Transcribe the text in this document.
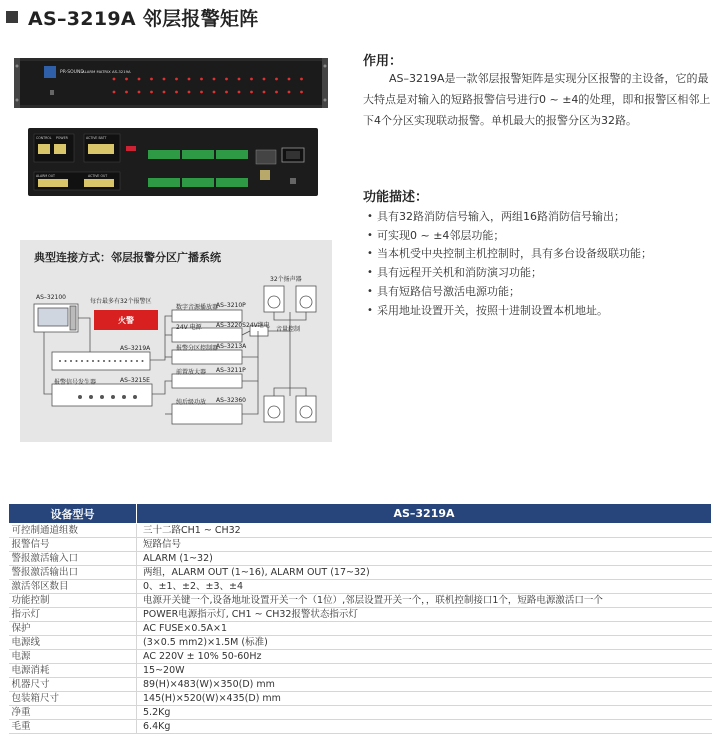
AS–3219A 邻层报警矩阵
PR-SOUND
ALARM MATRIX AS-3219A
CONTROL POWER	ACTIVE BATT
ALARM OUT	ACTIVE OUT
作用：
AS–3219A是一款邻层报警矩阵是实现分区报警的主设备，它的最大特点是对输入的短路报警信号进行0 ~ ±4的处理，即和报警区相邻上下4个分区实现联动报警。单机最大的报警分区为32路。
功能描述：
• 具有32路消防信号输入，两组16路消防信号输出；
• 可实现0 ~ ±4邻层功能；
• 当本机受中央控制主机控制时，具有多台设备级联功能；
• 具有远程开关机和消防演习功能；
• 具有短路信号激活电源功能；
• 采用地址设置开关，按照十进制设置本机地址。
典型连接方式：邻层报警分区广播系统
火警
每台最多有32个报警区
32个扬声器
AS–32100
数字音源播放器
AS–3210P
24V 电源 AS–3220S 24V继电
音量控制
报警分区控制器
AS–3213A
AS–3219A
报警信号发生器	AS–3215E
前置放大器 AS–3211P
纯后级功放 AS–32360
设备型号	AS–3219A
可控制通道组数	三十二路CH1 ~ CH32
报警信号	短路信号
警报激活输入口	ALARM (1~32)
警报激活输出口	两组，ALARM OUT (1~16), ALARM OUT (17~32)
激活邻区数目	0、±1、±2、±3、±4
功能控制	电源开关键一个,设备地址设置开关一个（1位）,邻层设置开关一个，，联机控制接口1个，短路电源激活口一个
指示灯	POWER电源指示灯, CH1 ~ CH32报警状态指示灯
保护	AC FUSE×0.5A×1
电源线	(3×0.5 mm2)×1.5M (标准)
电源	AC 220V ± 10% 50-60Hz
电源消耗	15~20W
机器尺寸	89(H)×483(W)×350(D) mm
包装箱尺寸	145(H)×520(W)×435(D) mm
净重	5.2Kg
毛重	6.4Kg
